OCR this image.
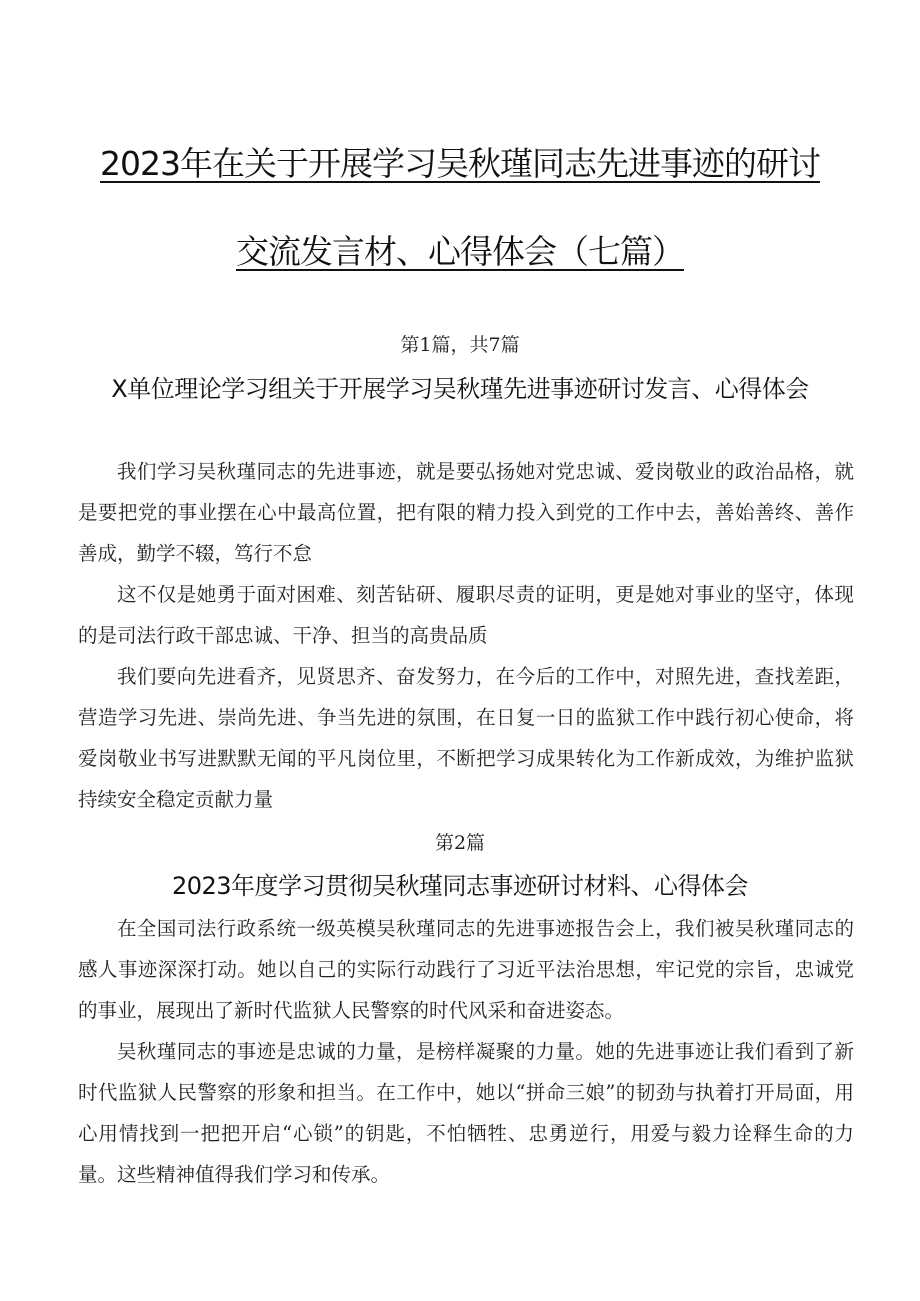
2023年在关于开展学习吴秋瑾同志先进事迹的研讨
交流发言材、心得体会（七篇）
第1篇，共7篇
X单位理论学习组关于开展学习吴秋瑾先进事迹研讨发言、心得体会

我们学习吴秋瑾同志的先进事迹，就是要弘扬她对党忠诚、爱岗敬业的政治品格，就是要把党的事业摆在心中最高位置，把有限的精力投入到党的工作中去，善始善终、善作善成，勤学不辍，笃行不怠

这不仅是她勇于面对困难、刻苦钻研、履职尽责的证明，更是她对事业的坚守，体现的是司法行政干部忠诚、干净、担当的高贵品质

我们要向先进看齐，见贤思齐、奋发努力，在今后的工作中，对照先进，查找差距，营造学习先进、崇尚先进、争当先进的氛围，在日复一日的监狱工作中践行初心使命，将爱岗敬业书写进默默无闻的平凡岗位里，不断把学习成果转化为工作新成效，为维护监狱持续安全稳定贡献力量

第2篇
2023年度学习贯彻吴秋瑾同志事迹研讨材料、心得体会

在全国司法行政系统一级英模吴秋瑾同志的先进事迹报告会上，我们被吴秋瑾同志的感人事迹深深打动。她以自己的实际行动践行了习近平法治思想，牢记党的宗旨，忠诚党的事业，展现出了新时代监狱人民警察的时代风采和奋进姿态。

吴秋瑾同志的事迹是忠诚的力量，是榜样凝聚的力量。她的先进事迹让我们看到了新时代监狱人民警察的形象和担当。在工作中，她以“拼命三娘”的韧劲与执着打开局面，用心用情找到一把把开启“心锁”的钥匙，不怕牺牲、忠勇逆行，用爱与毅力诠释生命的力量。这些精神值得我们学习和传承。
